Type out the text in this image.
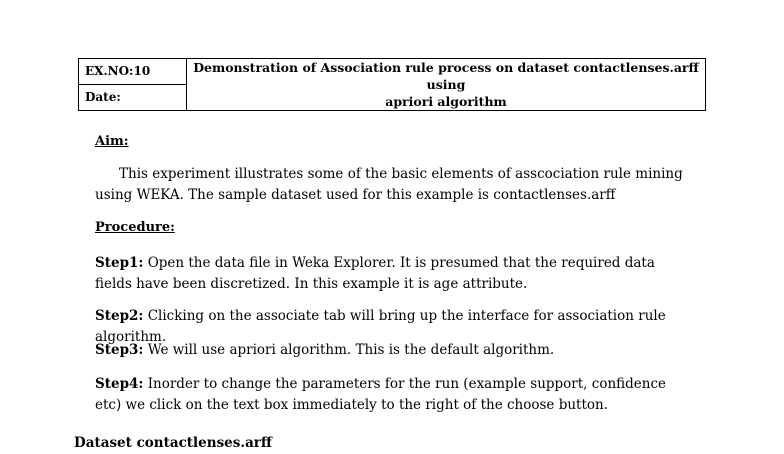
EX.NO:10	Demonstration of Association rule process on dataset contactlenses.arff using
apriori algorithm
Date:
Aim:

This experiment illustrates some of the basic elements of asscociation rule mining using WEKA. The sample dataset used for this example is contactlenses.arff

Procedure:

Step1: Open the data file in Weka Explorer. It is presumed that the required data fields have been discretized. In this example it is age attribute.

Step2: Clicking on the associate tab will bring up the interface for association rule algorithm.

Step3: We will use apriori algorithm. This is the default algorithm.

Step4: Inorder to change the parameters for the run (example support, confidence etc) we click on the text box immediately to the right of the choose button.

Dataset contactlenses.arff
